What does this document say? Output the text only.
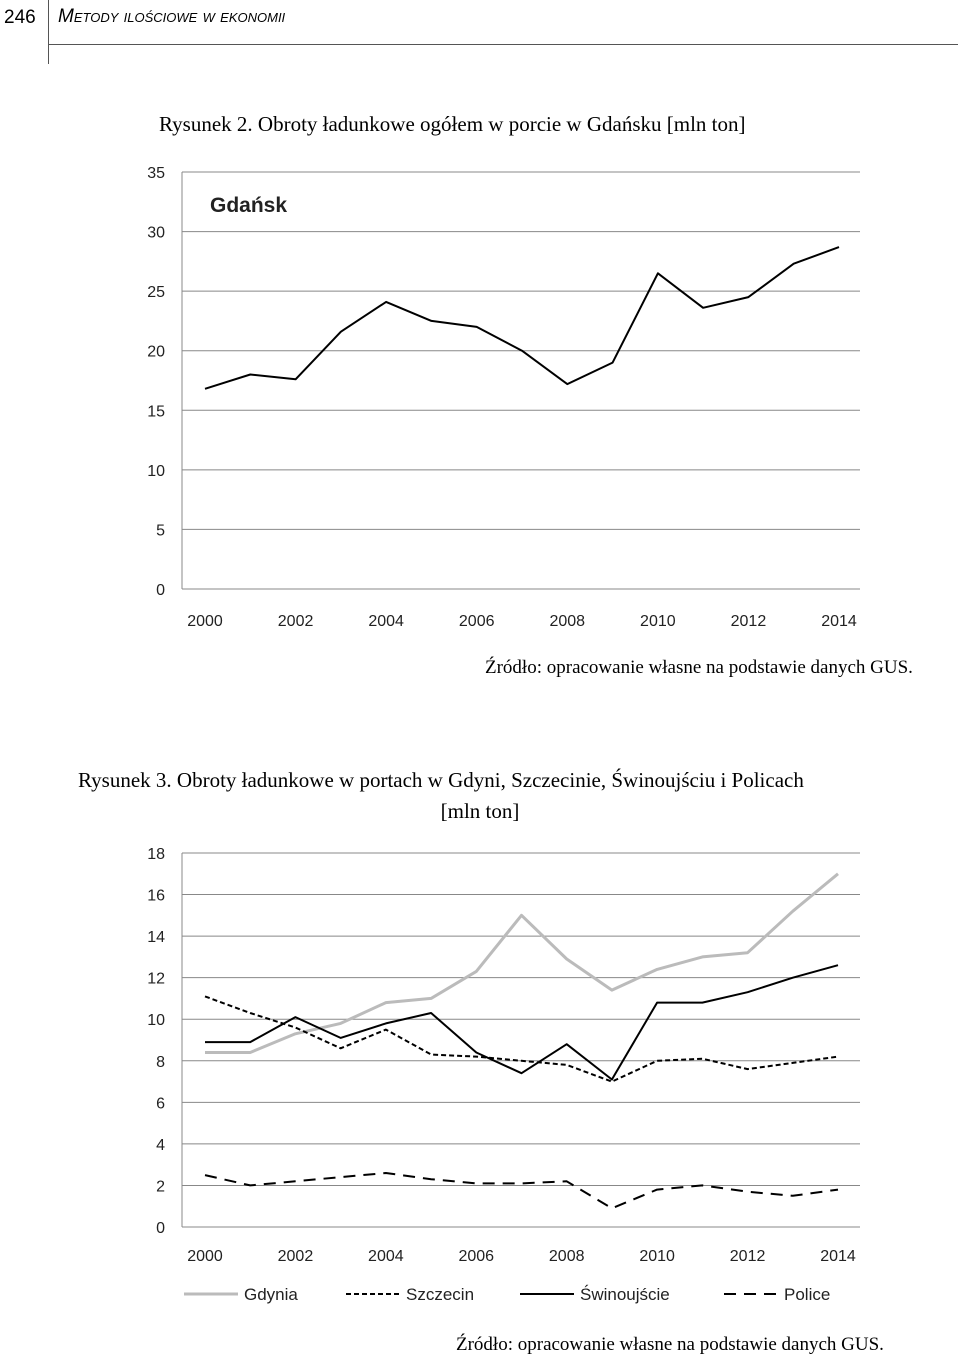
246 Metody ilościowe w ekonomii
Rysunek 2. Obroty ładunkowe ogółem w porcie w Gdańsku [mln ton]
0
5
10
15
20
25
30
35
2000	2002	2004	2006	2008	2010	2012	2014
Gdańsk
Źródło: opracowanie własne na podstawie danych GUS.
Rysunek 3. Obroty ładunkowe w portach w Gdyni, Szczecinie, Świnoujściu i Policach
[mln ton]
0
2
4
6
8
10
12
14
16
18
2000	2002	2004	2006	2008	2010	2012	2014
Gdynia	Szczecin	Świnoujście	Police
Źródło: opracowanie własne na podstawie danych GUS.
